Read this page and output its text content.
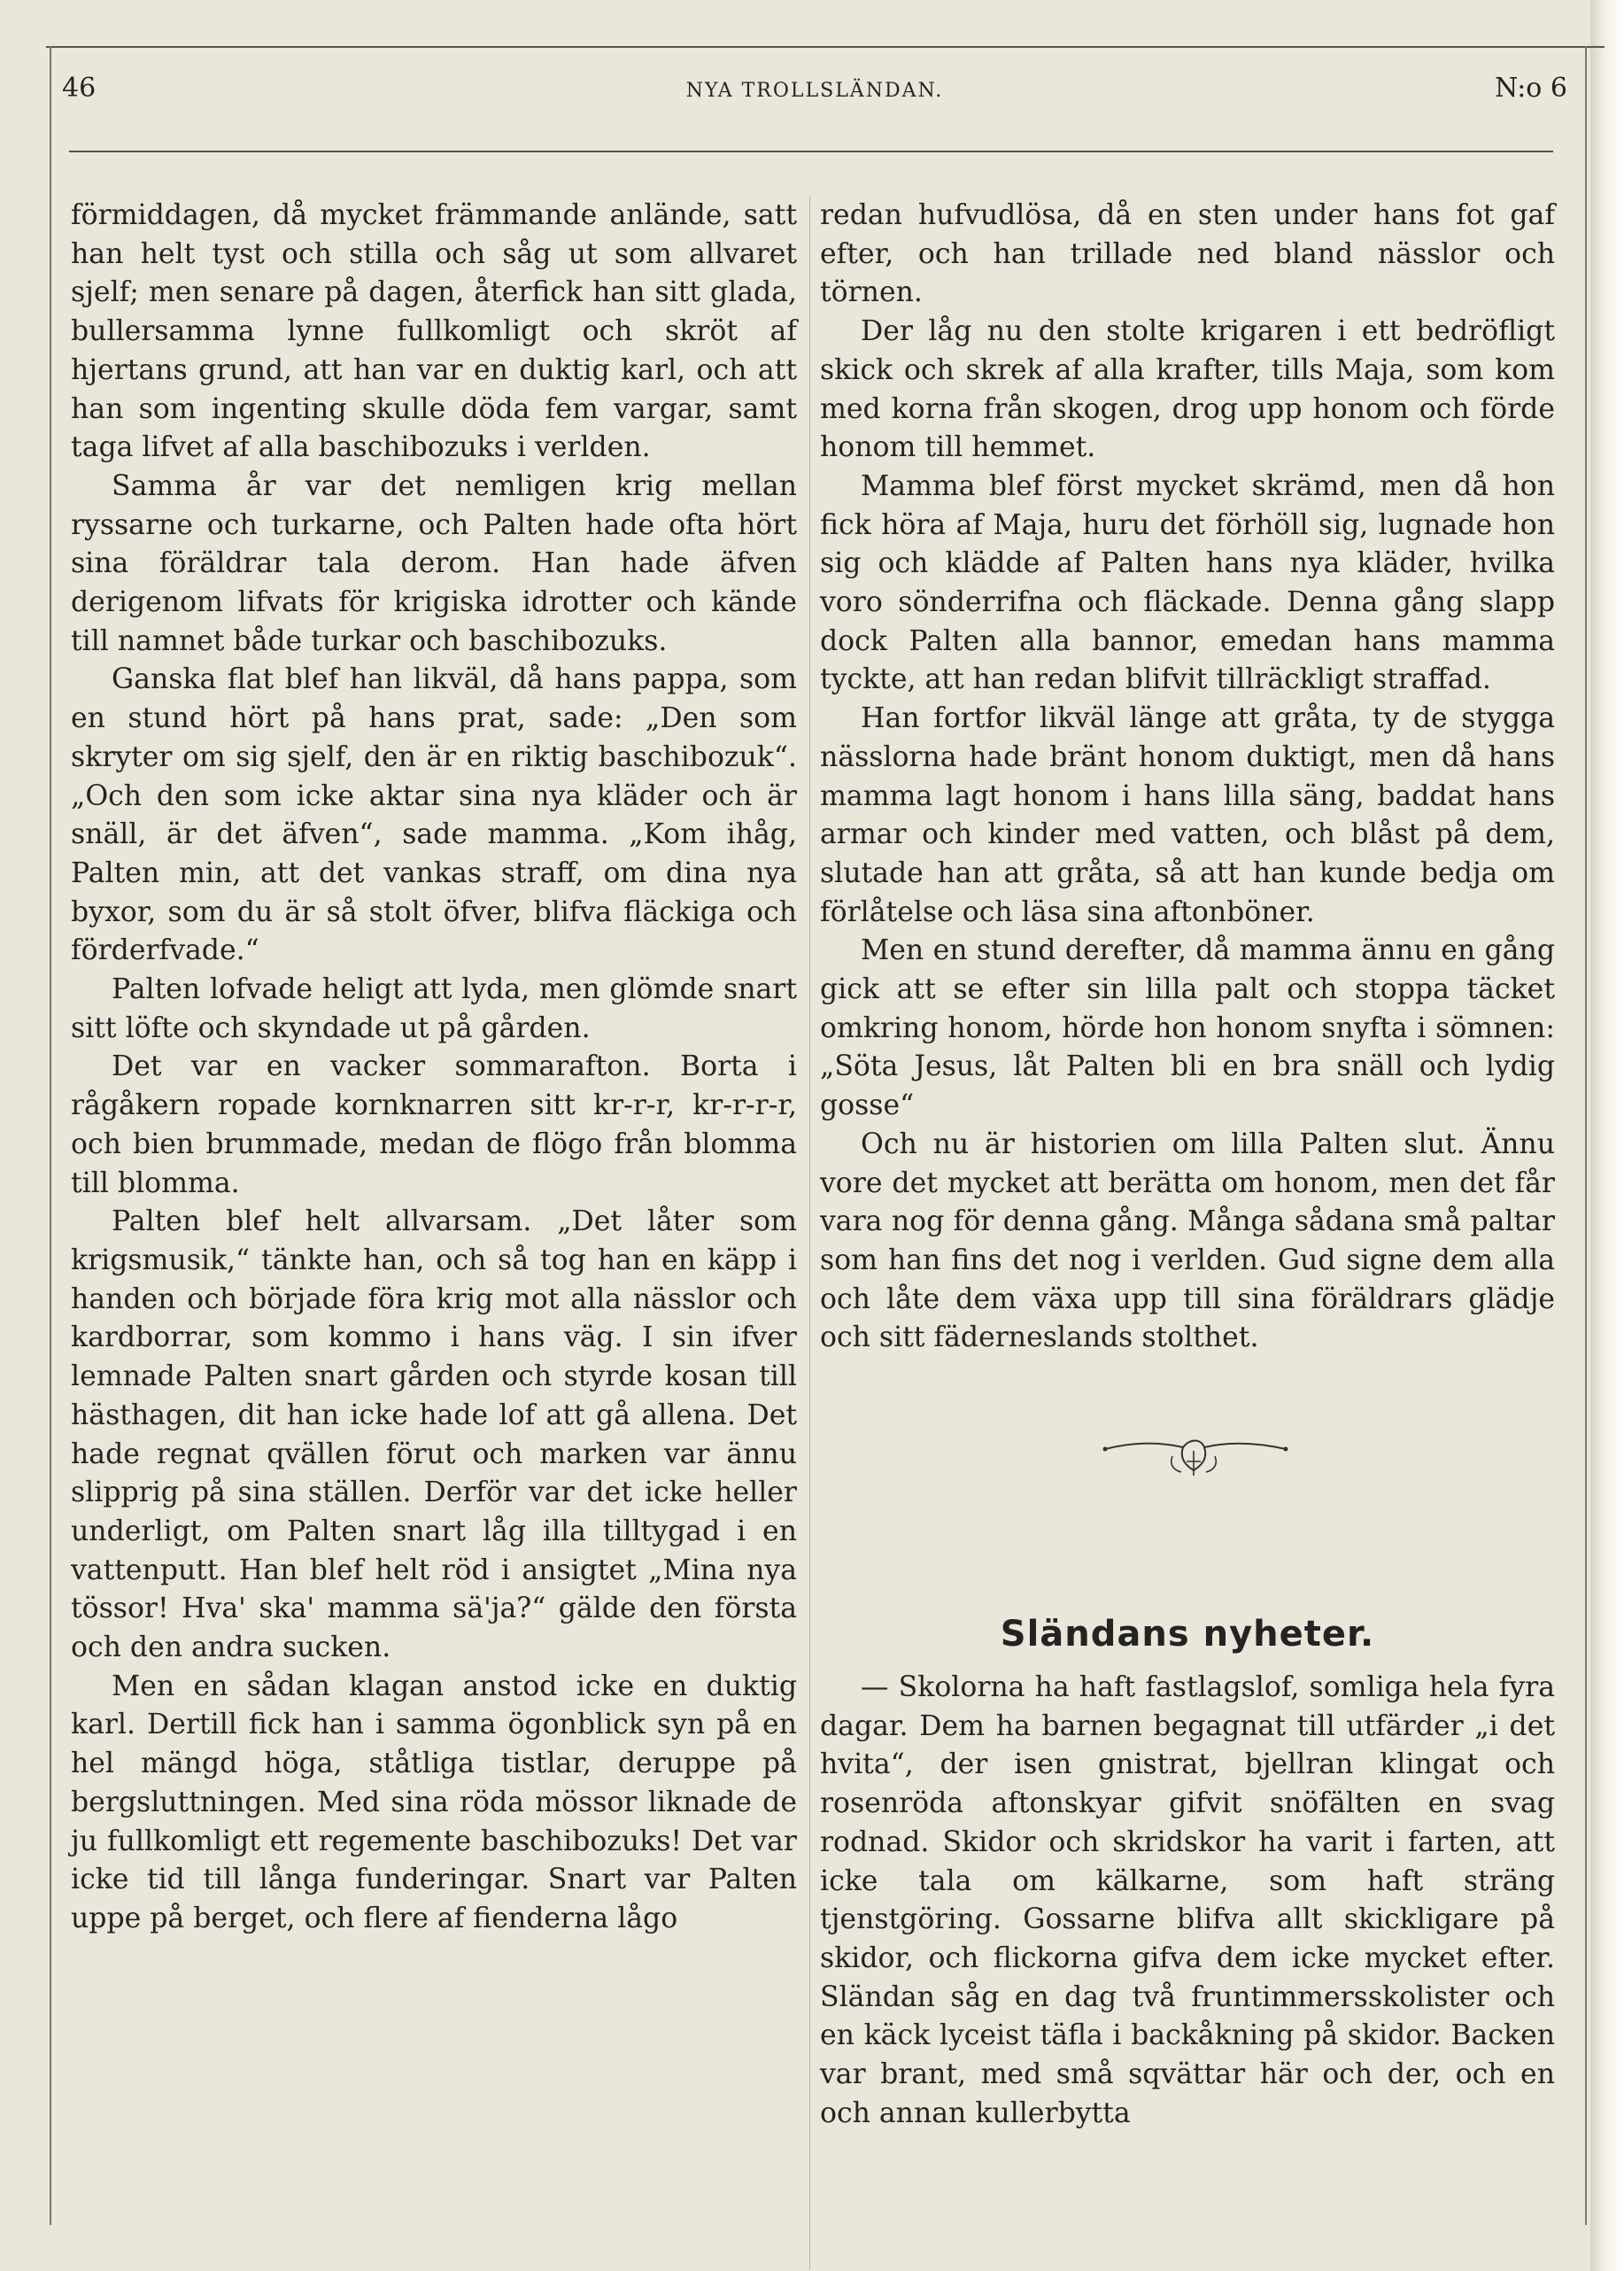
46	NYA TROLLSLÄNDAN.	N:o 6

förmiddagen, då mycket främmande anlände, satt han helt tyst och stilla och såg ut som allvaret sjelf; men senare på dagen, återfick han sitt glada, bullersamma lynne fullkomligt och skröt af hjertans grund, att han var en duktig karl, och att han som ingenting skulle döda fem vargar, samt taga lifvet af alla baschibozuks i verlden.

Samma år var det nemligen krig mellan ryssarne och turkarne, och Palten hade ofta hört sina föräldrar tala derom. Han hade äfven derigenom lifvats för krigiska idrotter och kände till namnet både turkar och baschibozuks.

Ganska flat blef han likväl, då hans pappa, som en stund hört på hans prat, sade: „Den som skryter om sig sjelf, den är en riktig baschibozuk“. „Och den som icke aktar sina nya kläder och är snäll, är det äfven“, sade mamma. „Kom ihåg, Palten min, att det vankas straff, om dina nya byxor, som du är så stolt öfver, blifva fläckiga och förderfvade.“

Palten lofvade heligt att lyda, men glömde snart sitt löfte och skyndade ut på gården.

Det var en vacker sommarafton. Borta i rågåkern ropade kornknarren sitt kr-r-r, kr-r-r-r, och bien brummade, medan de flögo från blomma till blomma.

Palten blef helt allvarsam. „Det låter som krigsmusik,“ tänkte han, och så tog han en käpp i handen och började föra krig mot alla nässlor och kardborrar, som kommo i hans väg. I sin ifver lemnade Palten snart gården och styrde kosan till hästhagen, dit han icke hade lof att gå allena. Det hade regnat qvällen förut och marken var ännu slipprig på sina ställen. Derför var det icke heller underligt, om Palten snart låg illa tilltygad i en vattenputt. Han blef helt röd i ansigtet „Mina nya tössor! Hva' ska' mamma sä'ja?“ gälde den första och den andra sucken.

Men en sådan klagan anstod icke en duktig karl. Dertill fick han i samma ögonblick syn på en hel mängd höga, ståtliga tistlar, deruppe på bergsluttningen. Med sina röda mössor liknade de ju fullkomligt ett regemente baschibozuks! Det var icke tid till långa funderingar. Snart var Palten uppe på berget, och flere af fienderna lågo

redan hufvudlösa, då en sten under hans fot gaf efter, och han trillade ned bland nässlor och törnen.

Der låg nu den stolte krigaren i ett bedröfligt skick och skrek af alla krafter, tills Maja, som kom med korna från skogen, drog upp honom och förde honom till hemmet.

Mamma blef först mycket skrämd, men då hon fick höra af Maja, huru det förhöll sig, lugnade hon sig och klädde af Palten hans nya kläder, hvilka voro sönderrifna och fläckade. Denna gång slapp dock Palten alla bannor, emedan hans mamma tyckte, att han redan blifvit tillräckligt straffad.

Han fortfor likväl länge att gråta, ty de stygga nässlorna hade bränt honom duktigt, men då hans mamma lagt honom i hans lilla säng, baddat hans armar och kinder med vatten, och blåst på dem, slutade han att gråta, så att han kunde bedja om förlåtelse och läsa sina aftonböner.

Men en stund derefter, då mamma ännu en gång gick att se efter sin lilla palt och stoppa täcket omkring honom, hörde hon honom snyfta i sömnen: „Söta Jesus, låt Palten bli en bra snäll och lydig gosse“

Och nu är historien om lilla Palten slut. Ännu vore det mycket att berätta om honom, men det får vara nog för denna gång. Många sådana små paltar som han fins det nog i verlden. Gud signe dem alla och låte dem växa upp till sina föräldrars glädje och sitt fäderneslands stolthet.

Sländans nyheter.

— Skolorna ha haft fastlagslof, somliga hela fyra dagar. Dem ha barnen begagnat till utfärder „i det hvita“, der isen gnistrat, bjellran klingat och rosenröda aftonskyar gifvit snöfälten en svag rodnad. Skidor och skridskor ha varit i farten, att icke tala om kälkarne, som haft sträng tjenstgöring. Gossarne blifva allt skickligare på skidor, och flickorna gifva dem icke mycket efter. Sländan såg en dag två fruntimmersskolister och en käck lyceist täfla i backåkning på skidor. Backen var brant, med små sqvättar här och der, och en och annan kullerbytta
